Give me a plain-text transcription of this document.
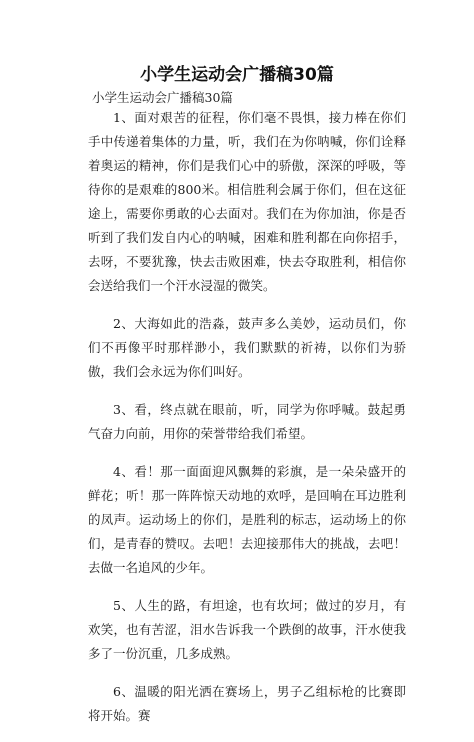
小学生运动会广播稿30篇
小学生运动会广播稿30篇

1、面对艰苦的征程，你们毫不畏惧，接力棒在你们手中传递着集体的力量，听，我们在为你呐喊，你们诠释着奥运的精神，你们是我们心中的骄傲，深深的呼吸，等待你的是艰难的800米。相信胜利会属于你们，但在这征途上，需要你勇敢的心去面对。我们在为你加油，你是否听到了我们发自内心的呐喊，困难和胜利都在向你招手，去呀，不要犹豫，快去击败困难，快去夺取胜利，相信你会送给我们一个汗水浸湿的微笑。

2、大海如此的浩淼，鼓声多么美妙，运动员们，你们不再像平时那样渺小，我们默默的祈祷，以你们为骄傲，我们会永远为你们叫好。

3、看，终点就在眼前，听，同学为你呼喊。鼓起勇气奋力向前，用你的荣誉带给我们希望。

4、看！那一面面迎风飘舞的彩旗，是一朵朵盛开的鲜花；听！那一阵阵惊天动地的欢呼，是回响在耳边胜利的凤声。运动场上的你们，是胜利的标志，运动场上的你们，是青春的赞叹。去吧！去迎接那伟大的挑战，去吧！去做一名追风的少年。

5、人生的路，有坦途，也有坎坷；做过的岁月，有欢笑，也有苦涩，泪水告诉我一个跌倒的故事，汗水使我多了一份沉重，几多成熟。

6、温暖的阳光洒在赛场上，男子乙组标枪的比赛即将开始。赛
